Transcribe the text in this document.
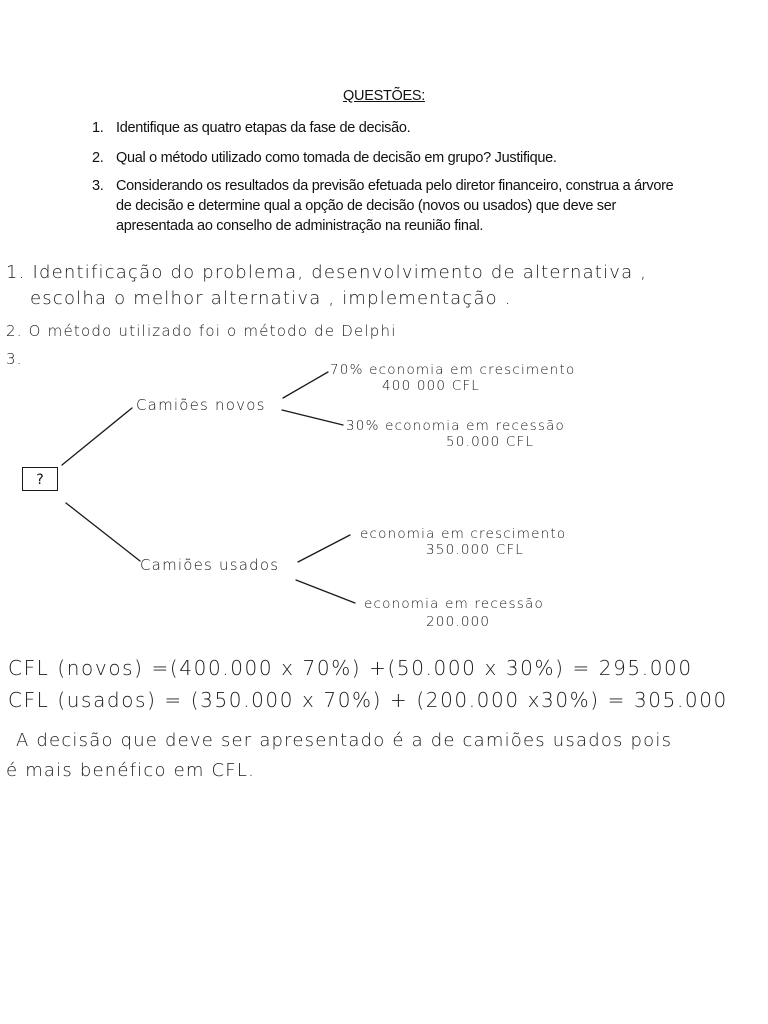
QUESTÕES:
1. Identifique as quatro etapas da fase de decisão.
2. Qual o método utilizado como tomada de decisão em grupo? Justifique.
3. Considerando os resultados da previsão efetuada pelo diretor financeiro, construa a árvore de decisão e determine qual a opção de decisão (novos ou usados) que deve ser apresentada ao conselho de administração na reunião final.
1. Identificação do problema, desenvolvimento de alternativa ,
escolha o melhor alternativa , implementação .
2. O método utilizado foi o método de Delphi
3.
?
Camiões novos
Camiões usados
70% economia em crescimento
400 000 CFL
30% economia em recessão
50.000 CFL
economia em crescimento
350.000 CFL
economia em recessão
200.000
CFL (novos) =(400.000 x 70%) +(50.000 x 30%) = 295.000
CFL (usados) = (350.000 x 70%) + (200.000 x30%) = 305.000
A decisão que deve ser apresentado é a de camiões usados pois
é mais benéfico em CFL.
